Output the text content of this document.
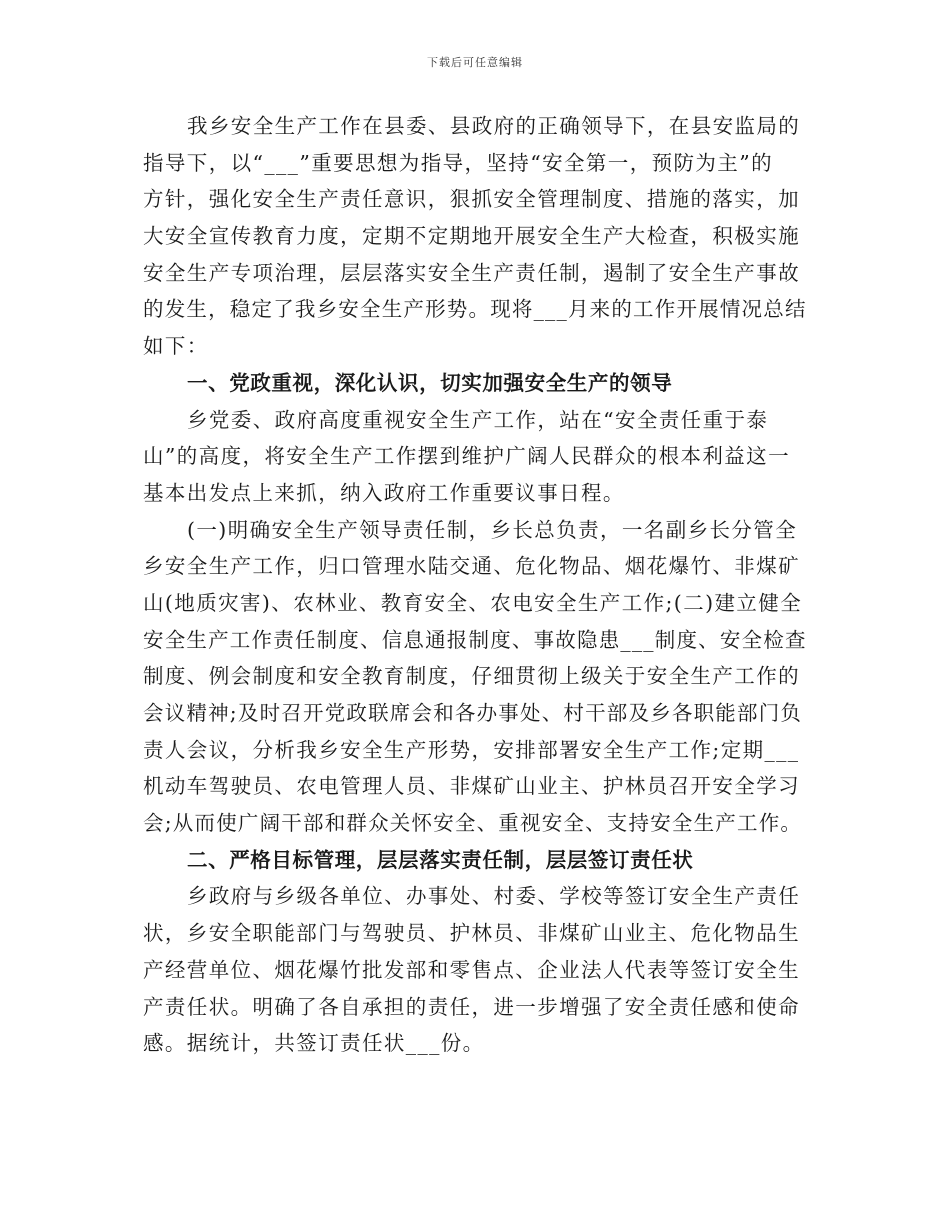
下载后可任意编辑
我乡安全生产工作在县委、县政府的正确领导下，在县安监局的
指导下，以“___”重要思想为指导，坚持“安全第一，预防为主”的
方针，强化安全生产责任意识，狠抓安全管理制度、措施的落实，加
大安全宣传教育力度，定期不定期地开展安全生产大检查，积极实施
安全生产专项治理，层层落实安全生产责任制，遏制了安全生产事故
的发生，稳定了我乡安全生产形势。现将___月来的工作开展情况总结
如下：
一、党政重视，深化认识，切实加强安全生产的领导
乡党委、政府高度重视安全生产工作，站在“安全责任重于泰
山”的高度，将安全生产工作摆到维护广阔人民群众的根本利益这一
基本出发点上来抓，纳入政府工作重要议事日程。
(一)明确安全生产领导责任制，乡长总负责，一名副乡长分管全
乡安全生产工作，归口管理水陆交通、危化物品、烟花爆竹、非煤矿
山(地质灾害)、农林业、教育安全、农电安全生产工作;(二)建立健全
安全生产工作责任制度、信息通报制度、事故隐患___制度、安全检查
制度、例会制度和安全教育制度，仔细贯彻上级关于安全生产工作的
会议精神;及时召开党政联席会和各办事处、村干部及乡各职能部门负
责人会议，分析我乡安全生产形势，安排部署安全生产工作;定期___
机动车驾驶员、农电管理人员、非煤矿山业主、护林员召开安全学习
会;从而使广阔干部和群众关怀安全、重视安全、支持安全生产工作。
二、严格目标管理，层层落实责任制，层层签订责任状
乡政府与乡级各单位、办事处、村委、学校等签订安全生产责任
状，乡安全职能部门与驾驶员、护林员、非煤矿山业主、危化物品生
产经营单位、烟花爆竹批发部和零售点、企业法人代表等签订安全生
产责任状。明确了各自承担的责任，进一步增强了安全责任感和使命
感。据统计，共签订责任状___份。
